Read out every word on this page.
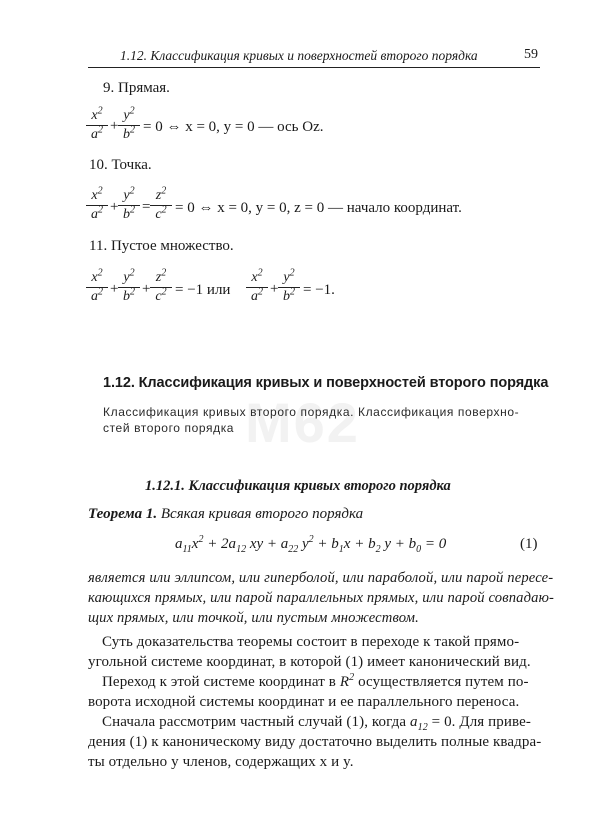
1.12. Классификация кривых и поверхностей второго порядка	59
9. Прямая.
$x^2$
$a^2$ +
$y^2$
$b^2 = 0$ ⇔ x = 0, y = 0 — ось Oz.
10. Точка.
$x^2$
$a^2$ +
$y^2$
$b^2$ =
$z^2$
$c^2 = 0$ ⇔ x = 0, y = 0, z = 0 — начало координат.
11. Пустое множество.
$x^2$
$a^2$ +
$y^2$
$b^2$ +
$z^2$
$c^2 = -1$ или
$x^2$
$a^2$ +
$y^2$
$b^2 = -1$.
M62
1.12. Классификация кривых и поверхностей второго порядка
Классификация кривых второго порядка. Классификация поверхно-
стей второго порядка
1.12.1. Классификация кривых второго порядка
Теорема 1. Всякая кривая второго порядка
$a_{11}x^2 + 2a_{12}$ xy + $a_{22}$ $y^2 + b_1x + b_2$ $y + b_0 = 0$	(1)
является или эллипсом, или гиперболой, или параболой, или парой пересе-
кающихся прямых, или парой параллельных прямых, или парой совпадаю-
щих прямых, или точкой, или пустым множеством.
Суть доказательства теоремы состоит в переходе к такой прямо-
угольной системе координат, в которой (1) имеет канонический вид.
Переход к этой системе координат в $R^2$ осуществляется путем по-
ворота исходной системы координат и ее параллельного переноса.
Сначала рассмотрим частный случай (1), когда $a_{12} = 0$. Для приве-
дения (1) к каноническому виду достаточно выделить полные квадра-
ты отдельно у членов, содержащих x и y.
